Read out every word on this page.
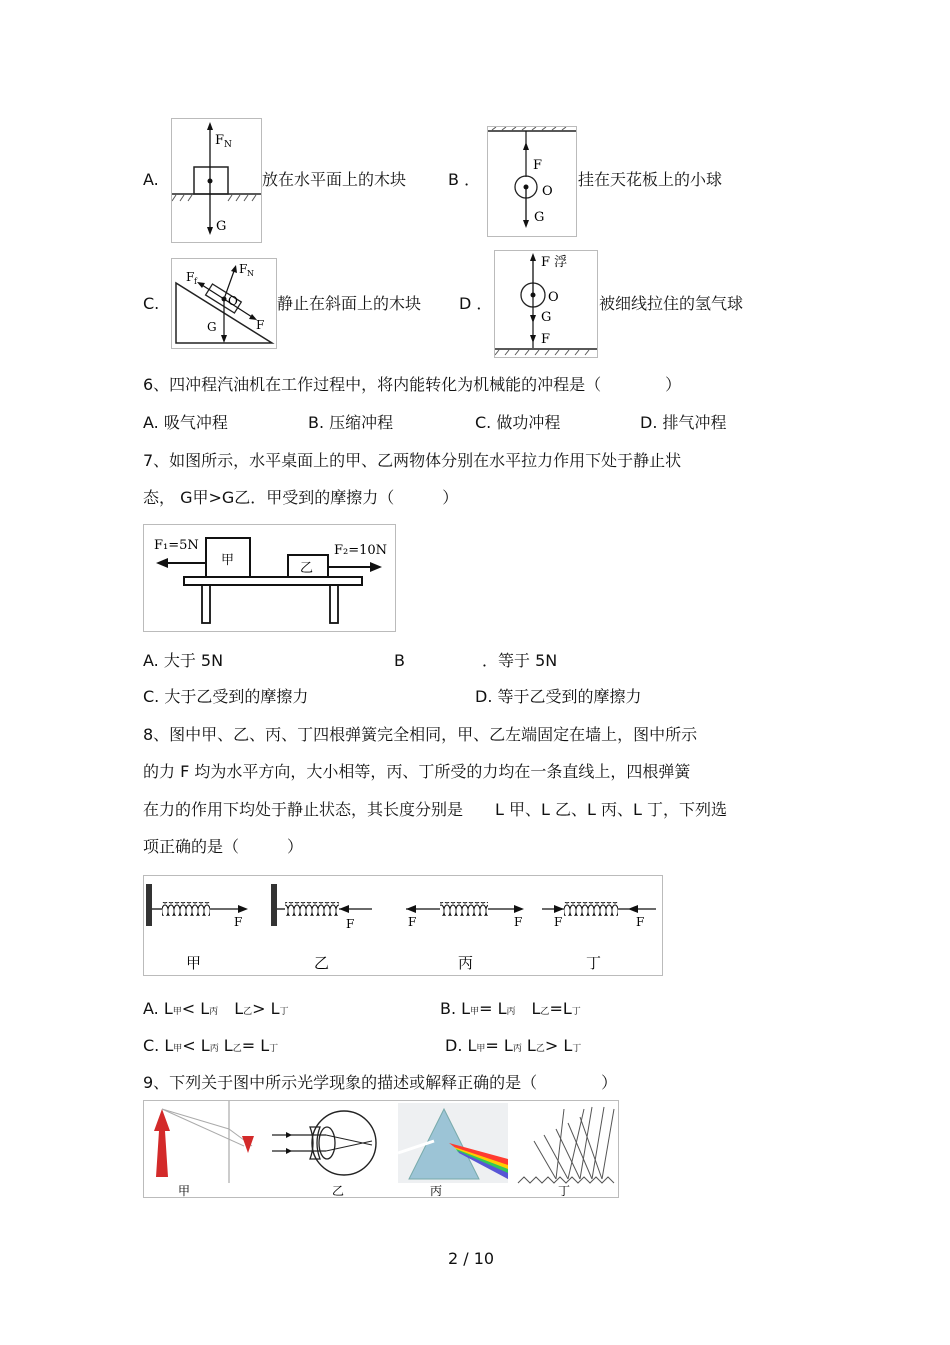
A.
F N
G
放在水平面上的木块	B ．
F
O
G
挂在天花板上的小球
C.
F f
F N
O
G	F
静止在斜面上的木块 D ．
F 浮
O
G
F
被细线拉住的氢气球
6、四冲程汽油机在工作过程中，将内能转化为机械能的冲程是（　　　　）
A. 吸气冲程	B. 压缩冲程	C. 做功冲程	D. 排气冲程
7、如图所示，水平桌面上的甲、乙两物体分别在水平拉力作用下处于静止状
态， G甲>G乙．甲受到的摩擦力（　　　）
F₁=5N	F₂=10N
甲
乙
A. 大于 5N	B	．等于 5N
C. 大于乙受到的摩擦力	D. 等于乙受到的摩擦力
8、图中甲、乙、丙、丁四根弹簧完全相同，甲、乙左端固定在墙上，图中所示
的力 F 均为水平方向，大小相等，丙、丁所受的力均在一条直线上，四根弹簧
在力的作用下均处于静止状态，其长度分别是　　L 甲、L 乙、L 丙、L 丁，下列选
项正确的是（　　　）
F	F	F	F	F	F
甲	乙	丙	丁
A. L甲< L丙　L乙> L丁	B. L甲= L丙　L乙=L丁
C. L甲< L丙 L乙= L丁	D. L甲= L丙 L乙> L丁
9、下列关于图中所示光学现象的描述或解释正确的是（　　　　）
甲	乙	丙	丁
2 / 10
